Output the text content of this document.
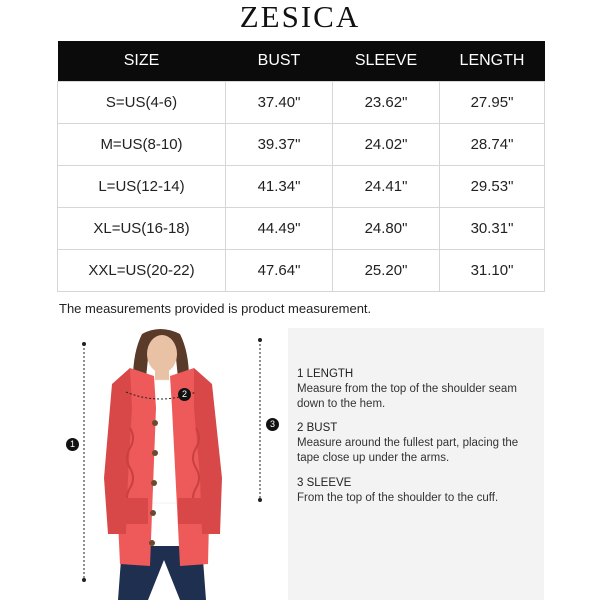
ZESICA
SIZE	BUST	SLEEVE	LENGTH
S=US(4-6)	37.40"	23.62"	27.95"
M=US(8-10)	39.37"	24.02"	28.74"
L=US(12-14)	41.34"	24.41"	29.53"
XL=US(16-18)	44.49"	24.80"	30.31"
XXL=US(20-22)	47.64"	25.20"	31.10"
The measurements provided is product measurement.
1
2
3
1 LENGTH
Measure from the top of the shoulder seam down to the hem.
2 BUST
Measure around the fullest part, placing the tape close up under the arms.
3 SLEEVE
From the top of the shoulder to the cuff.
